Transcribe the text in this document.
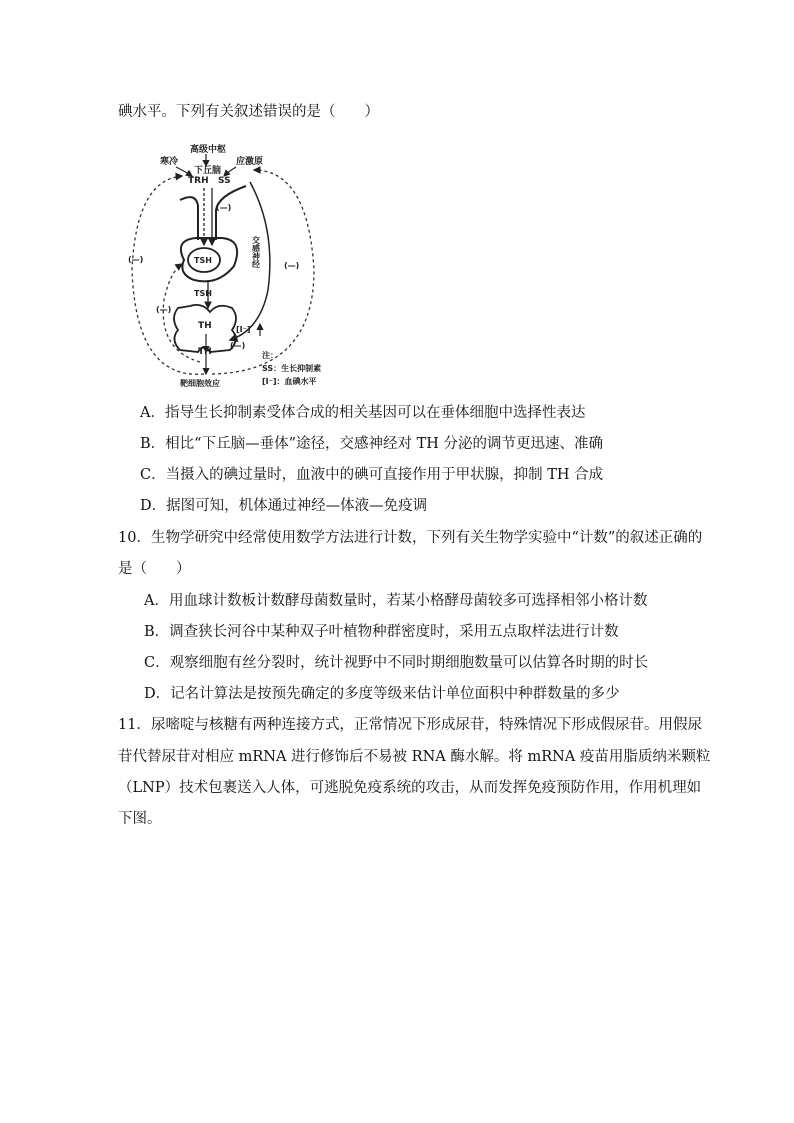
碘水平。下列有关叙述错误的是（　　）
高级中枢
寒冷	应激原
下丘脑
TRH SS
(—)
TSH
TSH
TH
TH
交感神经
(—)
(—)
(—)
(—)
[I⁻]
注：
SS：生长抑制素
[I⁻]：血碘水平
靶细胞效应
A．指导生长抑制素受体合成的相关基因可以在垂体细胞中选择性表达
B．相比“下丘脑—垂体”途径，交感神经对 TH 分泌的调节更迅速、准确
C．当摄入的碘过量时，血液中的碘可直接作用于甲状腺，抑制 TH 合成
D．据图可知，机体通过神经—体液—免疫调
10．生物学研究中经常使用数学方法进行计数，下列有关生物学实验中“计数”的叙述正确的
是（　　）
A．用血球计数板计数酵母菌数量时，若某小格酵母菌较多可选择相邻小格计数
B．调查狭长河谷中某种双子叶植物种群密度时，采用五点取样法进行计数
C．观察细胞有丝分裂时，统计视野中不同时期细胞数量可以估算各时期的时长
D．记名计算法是按预先确定的多度等级来估计单位面积中种群数量的多少
11．尿嘧啶与核糖有两种连接方式，正常情况下形成尿苷，特殊情况下形成假尿苷。用假尿
苷代替尿苷对相应 mRNA 进行修饰后不易被 RNA 酶水解。将 mRNA 疫苗用脂质纳米颗粒
（LNP）技术包裹送入人体，可逃脱免疫系统的攻击，从而发挥免疫预防作用，作用机理如
下图。
